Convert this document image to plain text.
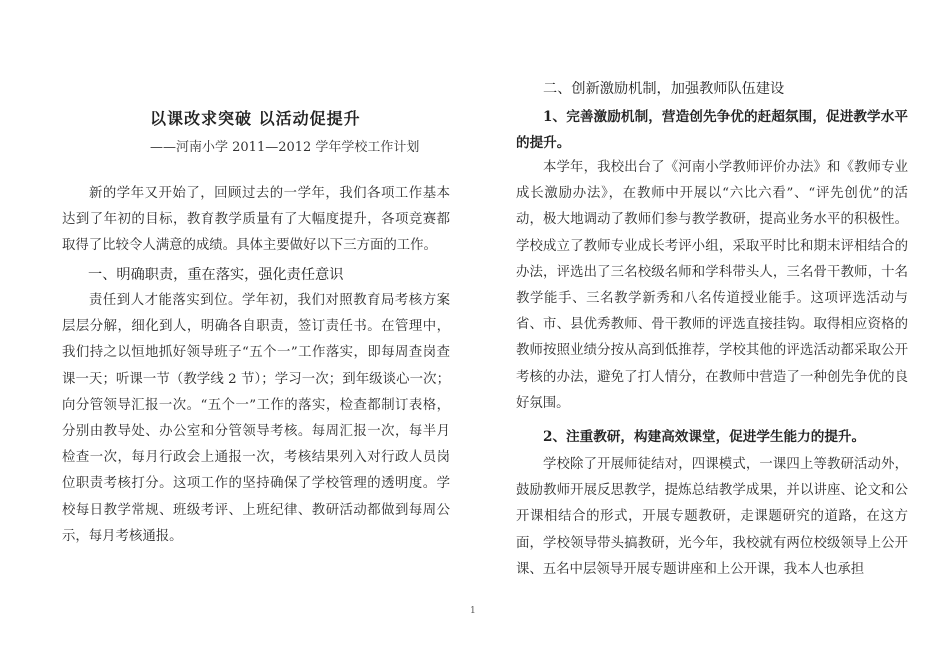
以课改求突破 以活动促提升
——河南小学 2011—2012 学年学校工作计划

新的学年又开始了，回顾过去的一学年，我们各项工作基本达到了年初的目标，教育教学质量有了大幅度提升，各项竞赛都取得了比较令人满意的成绩。具体主要做好以下三方面的工作。

一、明确职责，重在落实，强化责任意识

责任到人才能落实到位。学年初，我们对照教育局考核方案层层分解，细化到人，明确各自职责，签订责任书。在管理中，我们持之以恒地抓好领导班子“五个一”工作落实，即每周查岗查课一天；听课一节（教学线 2 节）；学习一次；到年级谈心一次；向分管领导汇报一次。“五个一”工作的落实，检查都制订表格，分别由教导处、办公室和分管领导考核。每周汇报一次，每半月检查一次，每月行政会上通报一次，考核结果列入对行政人员岗位职责考核打分。这项工作的坚持确保了学校管理的透明度。学校每日教学常规、班级考评、上班纪律、教研活动都做到每周公示，每月考核通报。

二、创新激励机制，加强教师队伍建设

1、完善激励机制，营造创先争优的赶超氛围，促进教学水平的提升。

本学年，我校出台了《河南小学教师评价办法》和《教师专业成长激励办法》，在教师中开展以“六比六看”、“评先创优”的活动，极大地调动了教师们参与教学教研，提高业务水平的积极性。学校成立了教师专业成长考评小组，采取平时比和期末评相结合的办法，评选出了三名校级名师和学科带头人，三名骨干教师，十名教学能手、三名教学新秀和八名传道授业能手。这项评选活动与省、市、县优秀教师、骨干教师的评选直接挂钩。取得相应资格的教师按照业绩分按从高到低推荐，学校其他的评选活动都采取公开考核的办法，避免了打人情分，在教师中营造了一种创先争优的良好氛围。

2、注重教研，构建高效课堂，促进学生能力的提升。

学校除了开展师徒结对，四课模式，一课四上等教研活动外，鼓励教师开展反思教学，提炼总结教学成果，并以讲座、论文和公开课相结合的形式，开展专题教研，走课题研究的道路，在这方面，学校领导带头搞教研，光今年，我校就有两位校级领导上公开课、五名中层领导开展专题讲座和上公开课，我本人也承担

1
